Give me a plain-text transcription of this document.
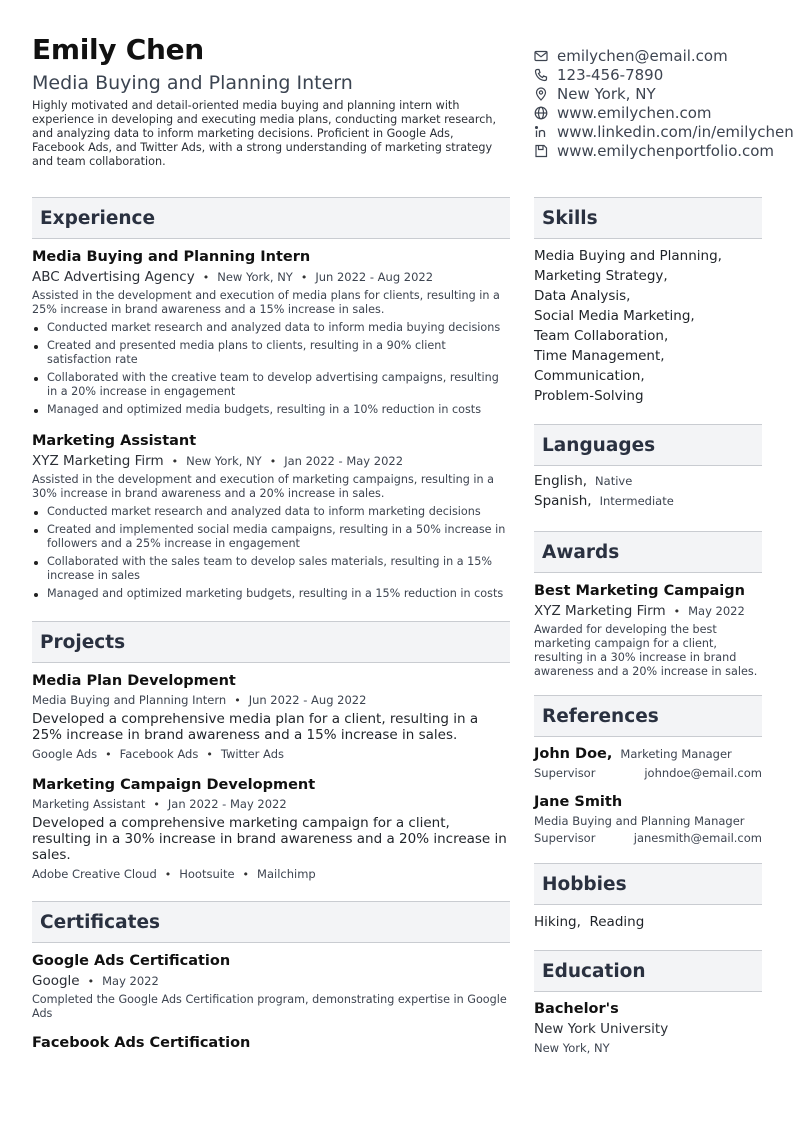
Emily Chen
Media Buying and Planning Intern
Highly motivated and detail-oriented media buying and planning intern with experience in developing and executing media plans, conducting market research, and analyzing data to inform marketing decisions. Proficient in Google Ads, Facebook Ads, and Twitter Ads, with a strong understanding of marketing strategy and team collaboration.
emilychen@email.com
123-456-7890
New York, NY
www.emilychen.com
www.linkedin.com/in/emilychen
www.emilychenportfolio.com
Experience
Media Buying and Planning Intern
ABC Advertising Agency • New York, NY • Jun 2022 - Aug 2022
Assisted in the development and execution of media plans for clients, resulting in a 25% increase in brand awareness and a 15% increase in sales.
Conducted market research and analyzed data to inform media buying decisions
Created and presented media plans to clients, resulting in a 90% client satisfaction rate
Collaborated with the creative team to develop advertising campaigns, resulting in a 20% increase in engagement
Managed and optimized media budgets, resulting in a 10% reduction in costs
Marketing Assistant
XYZ Marketing Firm • New York, NY • Jan 2022 - May 2022
Assisted in the development and execution of marketing campaigns, resulting in a 30% increase in brand awareness and a 20% increase in sales.
Conducted market research and analyzed data to inform marketing decisions
Created and implemented social media campaigns, resulting in a 50% increase in followers and a 25% increase in engagement
Collaborated with the sales team to develop sales materials, resulting in a 15% increase in sales
Managed and optimized marketing budgets, resulting in a 15% reduction in costs
Projects
Media Plan Development
Media Buying and Planning Intern • Jun 2022 - Aug 2022
Developed a comprehensive media plan for a client, resulting in a 25% increase in brand awareness and a 15% increase in sales.
Google Ads • Facebook Ads • Twitter Ads
Marketing Campaign Development
Marketing Assistant • Jan 2022 - May 2022
Developed a comprehensive marketing campaign for a client, resulting in a 30% increase in brand awareness and a 20% increase in sales.
Adobe Creative Cloud • Hootsuite • Mailchimp
Certificates
Google Ads Certification
Google • May 2022
Completed the Google Ads Certification program, demonstrating expertise in Google Ads
Facebook Ads Certification
Skills
Media Buying and Planning,
Marketing Strategy,
Data Analysis,
Social Media Marketing,
Team Collaboration,
Time Management,
Communication,
Problem-Solving
Languages
English, Native
Spanish, Intermediate
Awards
Best Marketing Campaign
XYZ Marketing Firm • May 2022
Awarded for developing the best marketing campaign for a client, resulting in a 30% increase in brand awareness and a 20% increase in sales.
References
John Doe, Marketing Manager
Supervisor	johndoe@email.com
Jane Smith
Media Buying and Planning Manager
Supervisor	janesmith@email.com
Hobbies
Hiking,  Reading
Education
Bachelor's
New York University
New York, NY
